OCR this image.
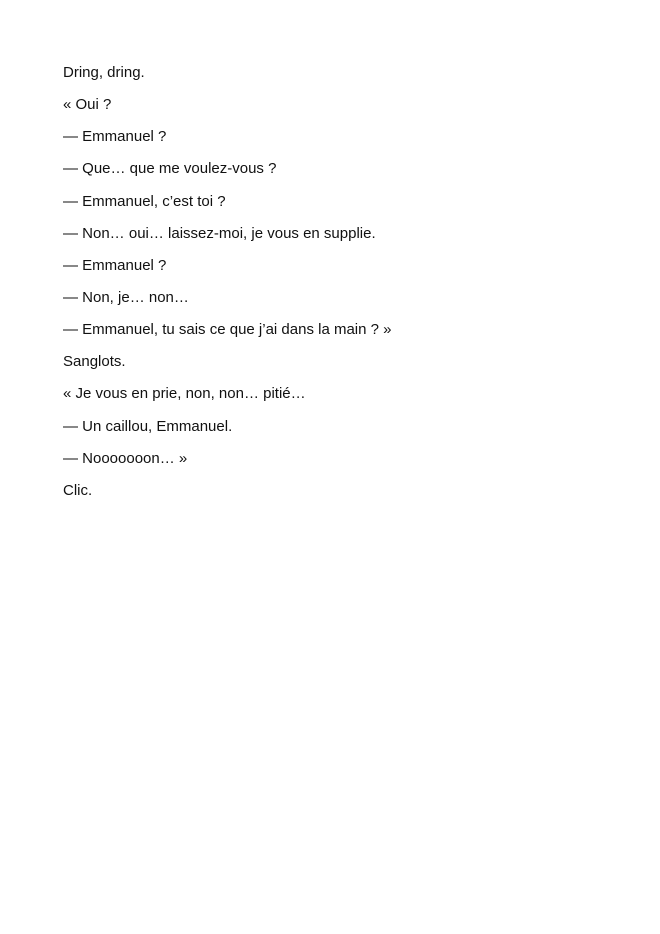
Dring, dring.

« Oui ?

— Emmanuel ?

— Que… que me voulez-vous ?

— Emmanuel, c’est toi ?

— Non… oui… laissez-moi, je vous en supplie.

— Emmanuel ?

— Non, je… non…

— Emmanuel, tu sais ce que j’ai dans la main ? »

Sanglots.

« Je vous en prie, non, non… pitié…

— Un caillou, Emmanuel.

— Nooooooon… »

Clic.
